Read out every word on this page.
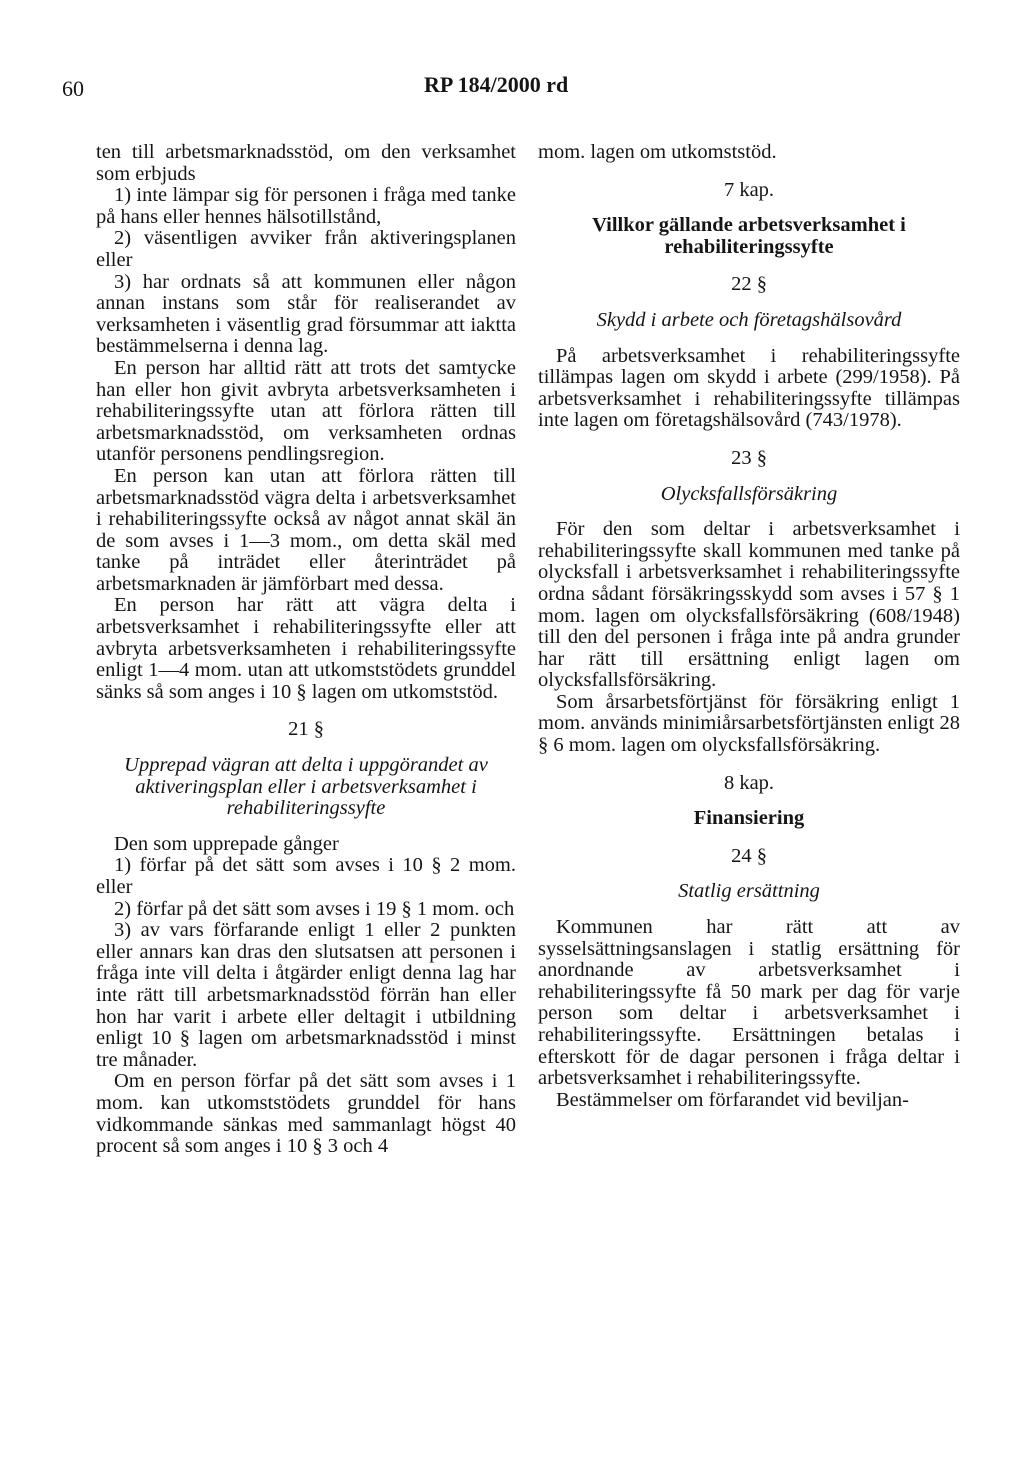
60	RP 184/2000 rd

ten till arbetsmarknadsstöd, om den verksamhet som erbjuds

1) inte lämpar sig för personen i fråga med tanke på hans eller hennes hälsotillstånd,

2) väsentligen avviker från aktiveringsplanen eller

3) har ordnats så att kommunen eller någon annan instans som står för realiserandet av verksamheten i väsentlig grad försummar att iaktta bestämmelserna i denna lag.

En person har alltid rätt att trots det samtycke han eller hon givit avbryta arbetsverksamheten i rehabiliteringssyfte utan att förlora rätten till arbetsmarknadsstöd, om verksamheten ordnas utanför personens pendlingsregion.

En person kan utan att förlora rätten till arbetsmarknadsstöd vägra delta i arbetsverksamhet i rehabiliteringssyfte också av något annat skäl än de som avses i 1—3 mom., om detta skäl med tanke på inträdet eller återinträdet på arbetsmarknaden är jämförbart med dessa.

En person har rätt att vägra delta i arbetsverksamhet i rehabiliteringssyfte eller att avbryta arbetsverksamheten i rehabiliteringssyfte enligt 1—4 mom. utan att utkomststödets grunddel sänks så som anges i 10 § lagen om utkomststöd.

21 §

Upprepad vägran att delta i uppgörandet av aktiveringsplan eller i arbetsverksamhet i rehabiliteringssyfte

Den som upprepade gånger

1) förfar på det sätt som avses i 10 § 2 mom. eller

2) förfar på det sätt som avses i 19 § 1 mom. och

3) av vars förfarande enligt 1 eller 2 punkten eller annars kan dras den slutsatsen att personen i fråga inte vill delta i åtgärder enligt denna lag har inte rätt till arbetsmarknadsstöd förrän han eller hon har varit i arbete eller deltagit i utbildning enligt 10 § lagen om arbetsmarknadsstöd i minst tre månader.

Om en person förfar på det sätt som avses i 1 mom. kan utkomststödets grunddel för hans vidkommande sänkas med sammanlagt högst 40 procent så som anges i 10 § 3 och 4

mom. lagen om utkomststöd.

7 kap.

Villkor gällande arbetsverksamhet i rehabiliteringssyfte

22 §

Skydd i arbete och företagshälsovård

På arbetsverksamhet i rehabiliteringssyfte tillämpas lagen om skydd i arbete (299/1958). På arbetsverksamhet i rehabiliteringssyfte tillämpas inte lagen om företagshälsovård (743/1978).

23 §

Olycksfallsförsäkring

För den som deltar i arbetsverksamhet i rehabiliteringssyfte skall kommunen med tanke på olycksfall i arbetsverksamhet i rehabiliteringssyfte ordna sådant försäkringsskydd som avses i 57 § 1 mom. lagen om olycksfallsförsäkring (608/1948) till den del personen i fråga inte på andra grunder har rätt till ersättning enligt lagen om olycksfallsförsäkring.

Som årsarbetsförtjänst för försäkring enligt 1 mom. används minimiårsarbetsförtjänsten enligt 28 § 6 mom. lagen om olycksfallsförsäkring.

8 kap.

Finansiering

24 §

Statlig ersättning

Kommunen har rätt att av sysselsättningsanslagen i statlig ersättning för anordnande av arbetsverksamhet i rehabiliteringssyfte få 50 mark per dag för varje person som deltar i arbetsverksamhet i rehabiliteringssyfte. Ersättningen betalas i efterskott för de dagar personen i fråga deltar i arbetsverksamhet i rehabiliteringssyfte.

Bestämmelser om förfarandet vid beviljan-
